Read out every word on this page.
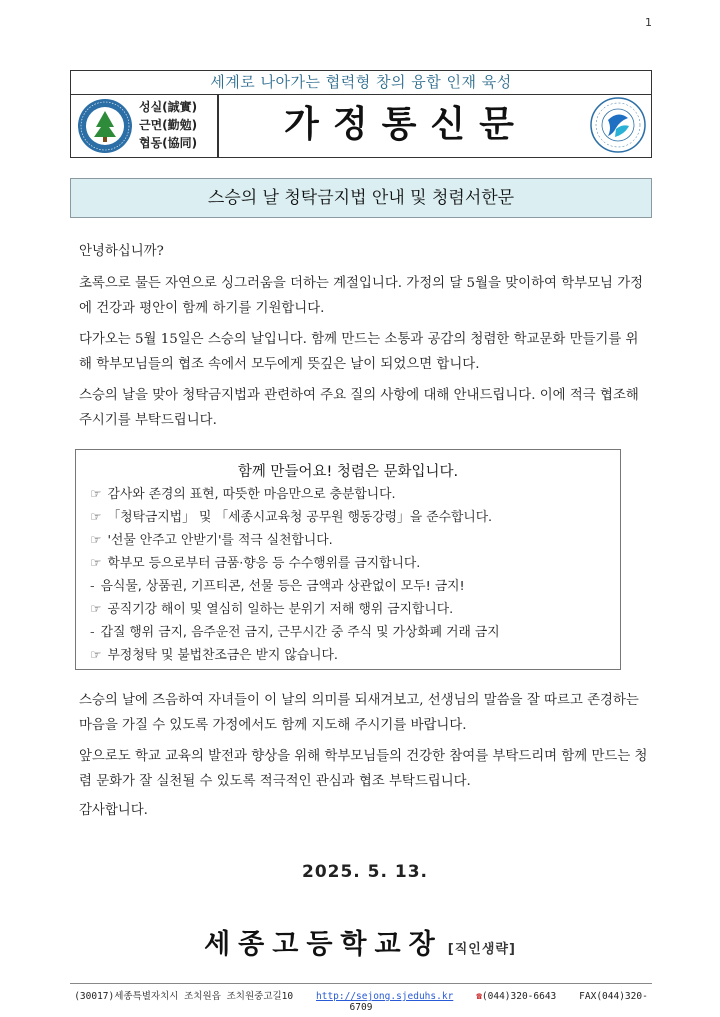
1
세계로 나아가는 협력형 창의 융합 인재 육성
성실(誠實)
근면(勤勉)
협동(協同)	가정통신문
스승의 날 청탁금지법 안내 및 청렴서한문

안녕하십니까?

초록으로 물든 자연으로 싱그러움을 더하는 계절입니다. 가정의 달 5월을 맞이하여 학부모님 가정에 건강과 평안이 함께 하기를 기원합니다.

다가오는 5월 15일은 스승의 날입니다. 함께 만드는 소통과 공감의 청렴한 학교문화 만들기를 위해 학부모님들의 협조 속에서 모두에게 뜻깊은 날이 되었으면 합니다.

스승의 날을 맞아 청탁금지법과 관련하여 주요 질의 사항에 대해 안내드립니다. 이에 적극 협조해 주시기를 부탁드립니다.

함께 만들어요! 청렴은 문화입니다.
☞ 감사와 존경의 표현, 따뜻한 마음만으로 충분합니다.
☞ 「청탁금지법」 및 「세종시교육청 공무원 행동강령」을 준수합니다.
☞ '선물 안주고 안받기'를 적극 실천합니다.
☞ 학부모 등으로부터 금품·향응 등 수수행위를 금지합니다.
- 음식물, 상품권, 기프티콘, 선물 등은 금액과 상관없이 모두! 금지!
☞ 공직기강 해이 및 열심히 일하는 분위기 저해 행위 금지합니다.
- 갑질 행위 금지, 음주운전 금지, 근무시간 중 주식 및 가상화폐 거래 금지
☞ 부정청탁 및 불법찬조금은 받지 않습니다.

스승의 날에 즈음하여 자녀들이 이 날의 의미를 되새겨보고, 선생님의 말씀을 잘 따르고 존경하는 마음을 가질 수 있도록 가정에서도 함께 지도해 주시기를 바랍니다.

앞으로도 학교 교육의 발전과 향상을 위해 학부모님들의 건강한 참여를 부탁드리며 함께 만드는 청렴 문화가 잘 실천될 수 있도록 적극적인 관심과 협조 부탁드립니다.

감사합니다.

2025. 5. 13.
세종고등학교장 [직인생략]
(30017)세종특별자치시 조치원읍 조치원중고길10 http://sejong.sjeduhs.kr ☎(044)320-6643 FAX(044)320-6709
